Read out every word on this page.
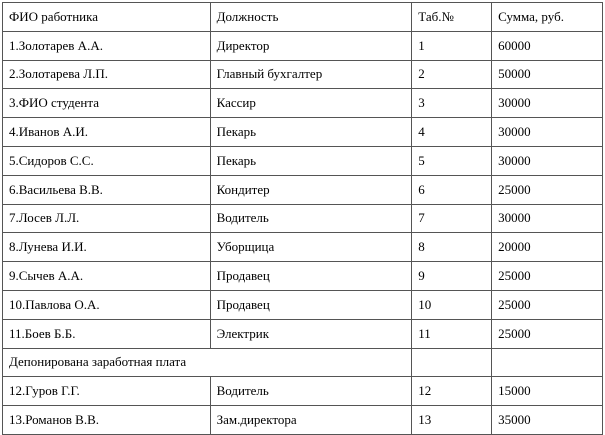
ФИО работника	Должность	Таб.№	Сумма, руб.
1.Золотарев А.А.	Директор	1	60000
2.Золотарева Л.П.	Главный бухгалтер	2	50000
3.ФИО студента	Кассир	3	30000
4.Иванов А.И.	Пекарь	4	30000
5.Сидоров С.С.	Пекарь	5	30000
6.Васильева В.В.	Кондитер	6	25000
7.Лосев Л.Л.	Водитель	7	30000
8.Лунева И.И.	Уборщица	8	20000
9.Сычев А.А.	Продавец	9	25000
10.Павлова О.А.	Продавец	10	25000
11.Боев Б.Б.	Электрик	11	25000
Депонирована заработная плата			
12.Гуров Г.Г.	Водитель	12	15000
13.Романов В.В.	Зам.директора	13	35000
